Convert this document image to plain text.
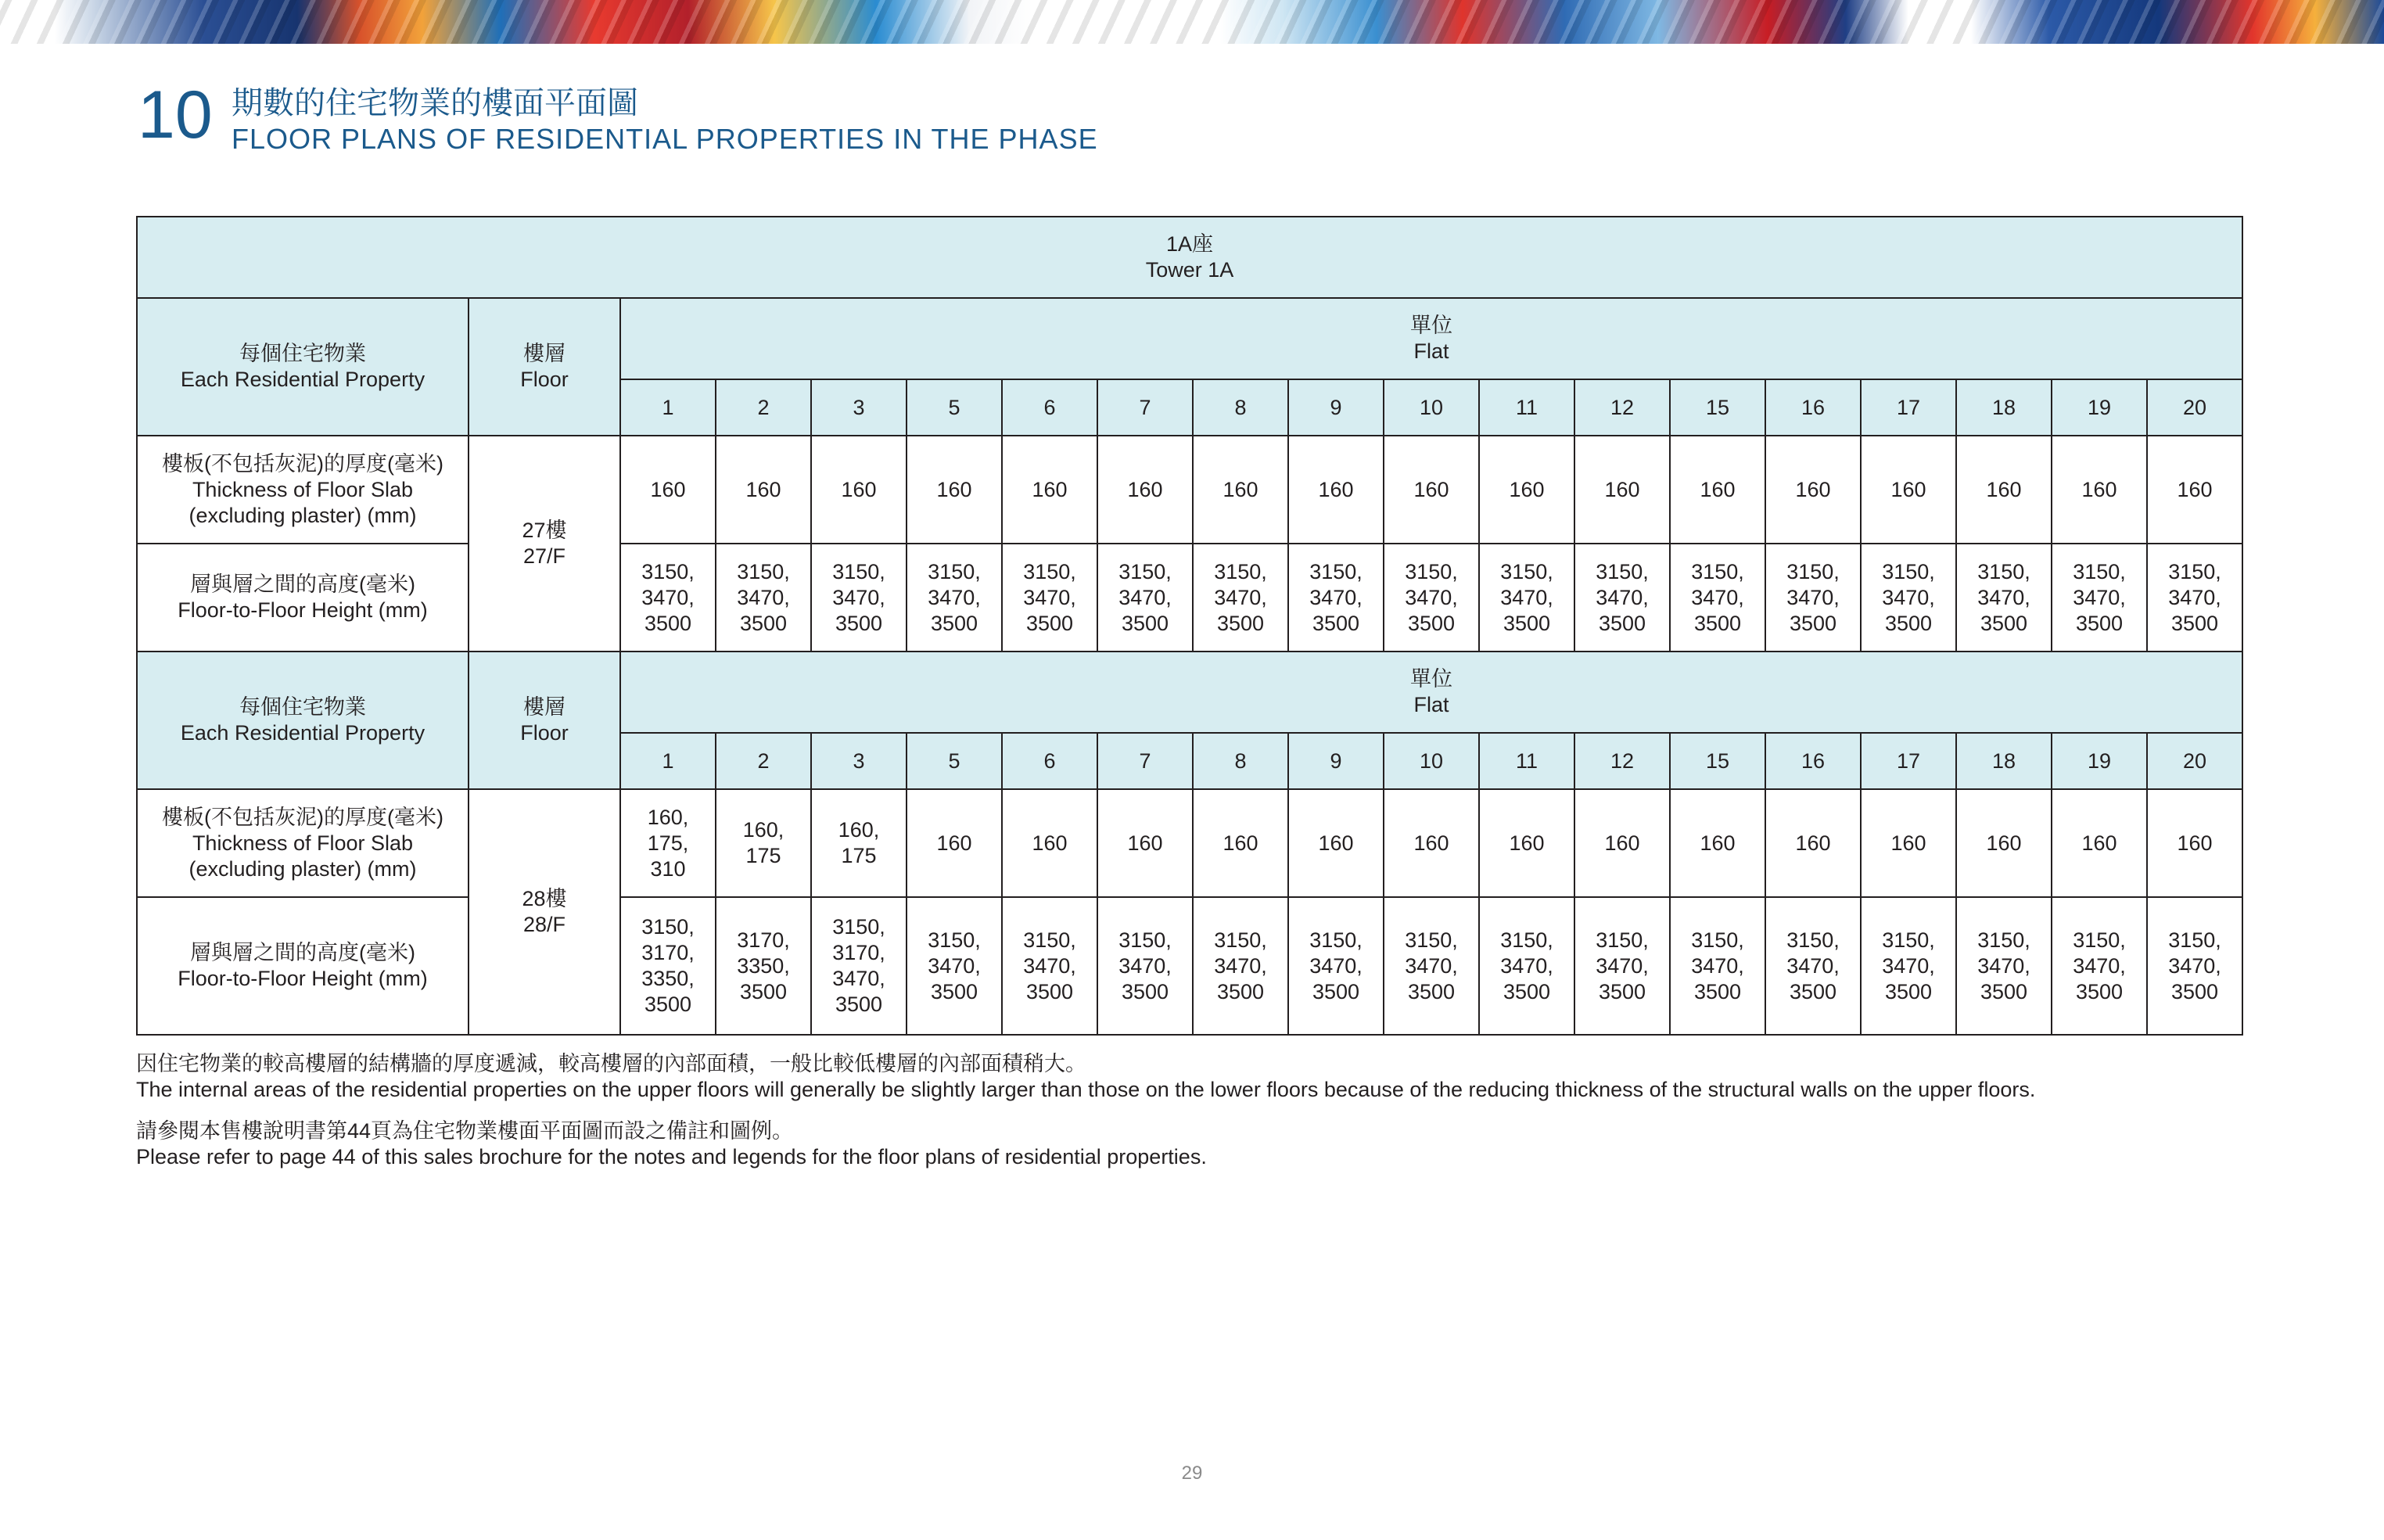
10 期數的住宅物業的樓面平面圖
FLOOR PLANS OF RESIDENTIAL PROPERTIES IN THE PHASE
1A座
Tower 1A																		

每個住宅物業
Each Residential Property	樓層
Floor	單位
Flat																

		1	2	3	5	6	7	8	9	10	11	12	15	16	17	18	19	20

樓板(不包括灰泥)的厚度(毫米)
Thickness of Floor Slab
(excluding plaster) (mm)	27樓
27/F	160	160	160	160	160	160	160	160	160	160	160	160	160	160	160	160	160

層與層之間的高度(毫米)
Floor-to-Floor Height (mm)		3150,
3470,
3500	3150,
3470,
3500	3150,
3470,
3500	3150,
3470,
3500	3150,
3470,
3500	3150,
3470,
3500	3150,
3470,
3500	3150,
3470,
3500	3150,
3470,
3500	3150,
3470,
3500	3150,
3470,
3500	3150,
3470,
3500	3150,
3470,
3500	3150,
3470,
3500	3150,
3470,
3500	3150,
3470,
3500	3150,
3470,
3500

每個住宅物業
Each Residential Property	樓層
Floor	單位
Flat																

		1	2	3	5	6	7	8	9	10	11	12	15	16	17	18	19	20

樓板(不包括灰泥)的厚度(毫米)
Thickness of Floor Slab
(excluding plaster) (mm)	28樓
28/F	160,
175,
310	160,
175	160,
175	160	160	160	160	160	160	160	160	160	160	160	160	160	160

層與層之間的高度(毫米)
Floor-to-Floor Height (mm)		3150,
3170,
3350,
3500	3170,
3350,
3500	3150,
3170,
3470,
3500	3150,
3470,
3500	3150,
3470,
3500	3150,
3470,
3500	3150,
3470,
3500	3150,
3470,
3500	3150,
3470,
3500	3150,
3470,
3500	3150,
3470,
3500	3150,
3470,
3500	3150,
3470,
3500	3150,
3470,
3500	3150,
3470,
3500	3150,
3470,
3500	3150,
3470,
3500

因住宅物業的較高樓層的結構牆的厚度遞減，較高樓層的內部面積，一般比較低樓層的內部面積稍大。
The internal areas of the residential properties on the upper floors will generally be slightly larger than those on the lower floors because of the reducing thickness of the structural walls on the upper floors.

請參閱本售樓說明書第44頁為住宅物業樓面平面圖而設之備註和圖例。
Please refer to page 44 of this sales brochure for the notes and legends for the floor plans of residential properties.

29
